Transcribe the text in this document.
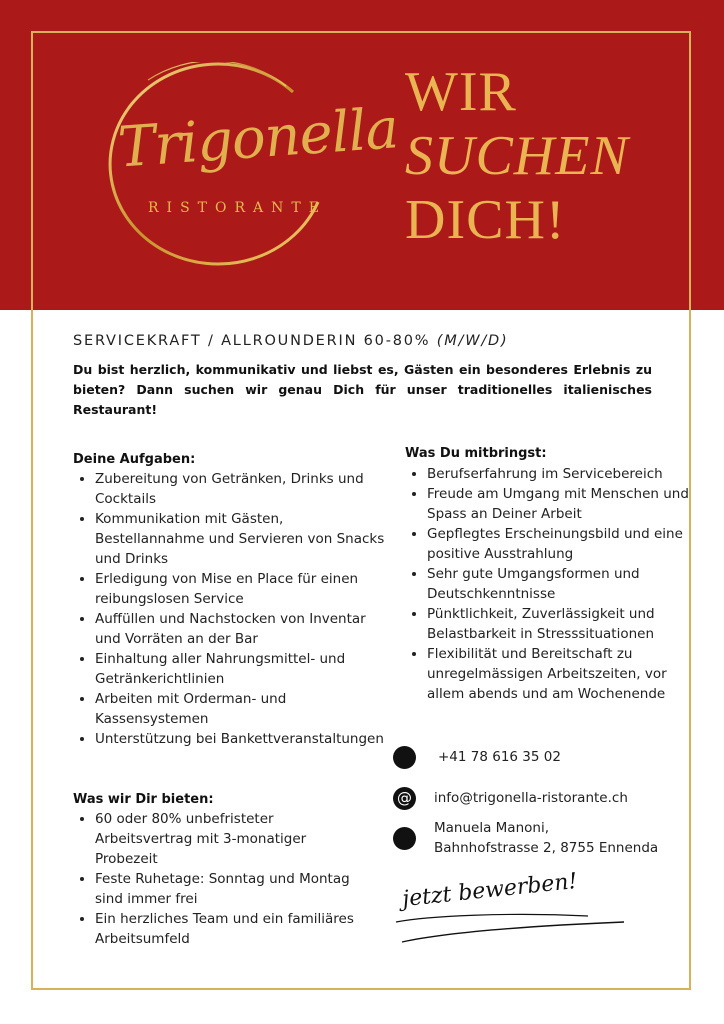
Trigonella
RISTORANTE
WIR
SUCHEN
DICH!
SERVICEKRAFT / ALLROUNDERIN 60-80% (M/W/D)
Du bist herzlich, kommunikativ und liebst es, Gästen ein besonderes Erlebnis zu bieten? Dann suchen wir genau Dich für unser traditionelles italienisches Restaurant!
Deine Aufgaben:
• Zubereitung von Getränken, Drinks und Cocktails
• Kommunikation mit Gästen, Bestellannahme und Servieren von Snacks und Drinks
• Erledigung von Mise en Place für einen reibungslosen Service
• Auffüllen und Nachstocken von Inventar und Vorräten an der Bar
• Einhaltung aller Nahrungsmittel- und Getränkerichtlinien
• Arbeiten mit Orderman- und Kassensystemen
• Unterstützung bei Bankettveranstaltungen
Was wir Dir bieten:
• 60 oder 80% unbefristeter Arbeitsvertrag mit 3-monatiger Probezeit
• Feste Ruhetage: Sonntag und Montag sind immer frei
• Ein herzliches Team und ein familiäres Arbeitsumfeld
Was Du mitbringst:
• Berufserfahrung im Servicebereich
• Freude am Umgang mit Menschen und Spass an Deiner Arbeit
• Gepflegtes Erscheinungsbild und eine positive Ausstrahlung
• Sehr gute Umgangsformen und Deutschkenntnisse
• Pünktlichkeit, Zuverlässigkeit und Belastbarkeit in Stresssituationen
• Flexibilität und Bereitschaft zu unregelmässigen Arbeitszeiten, vor allem abends und am Wochenende
+41 78 616 35 02
@ info@trigonella-ristorante.ch
Manuela Manoni,
Bahnhofstrasse 2, 8755 Ennenda
jetzt bewerben!
